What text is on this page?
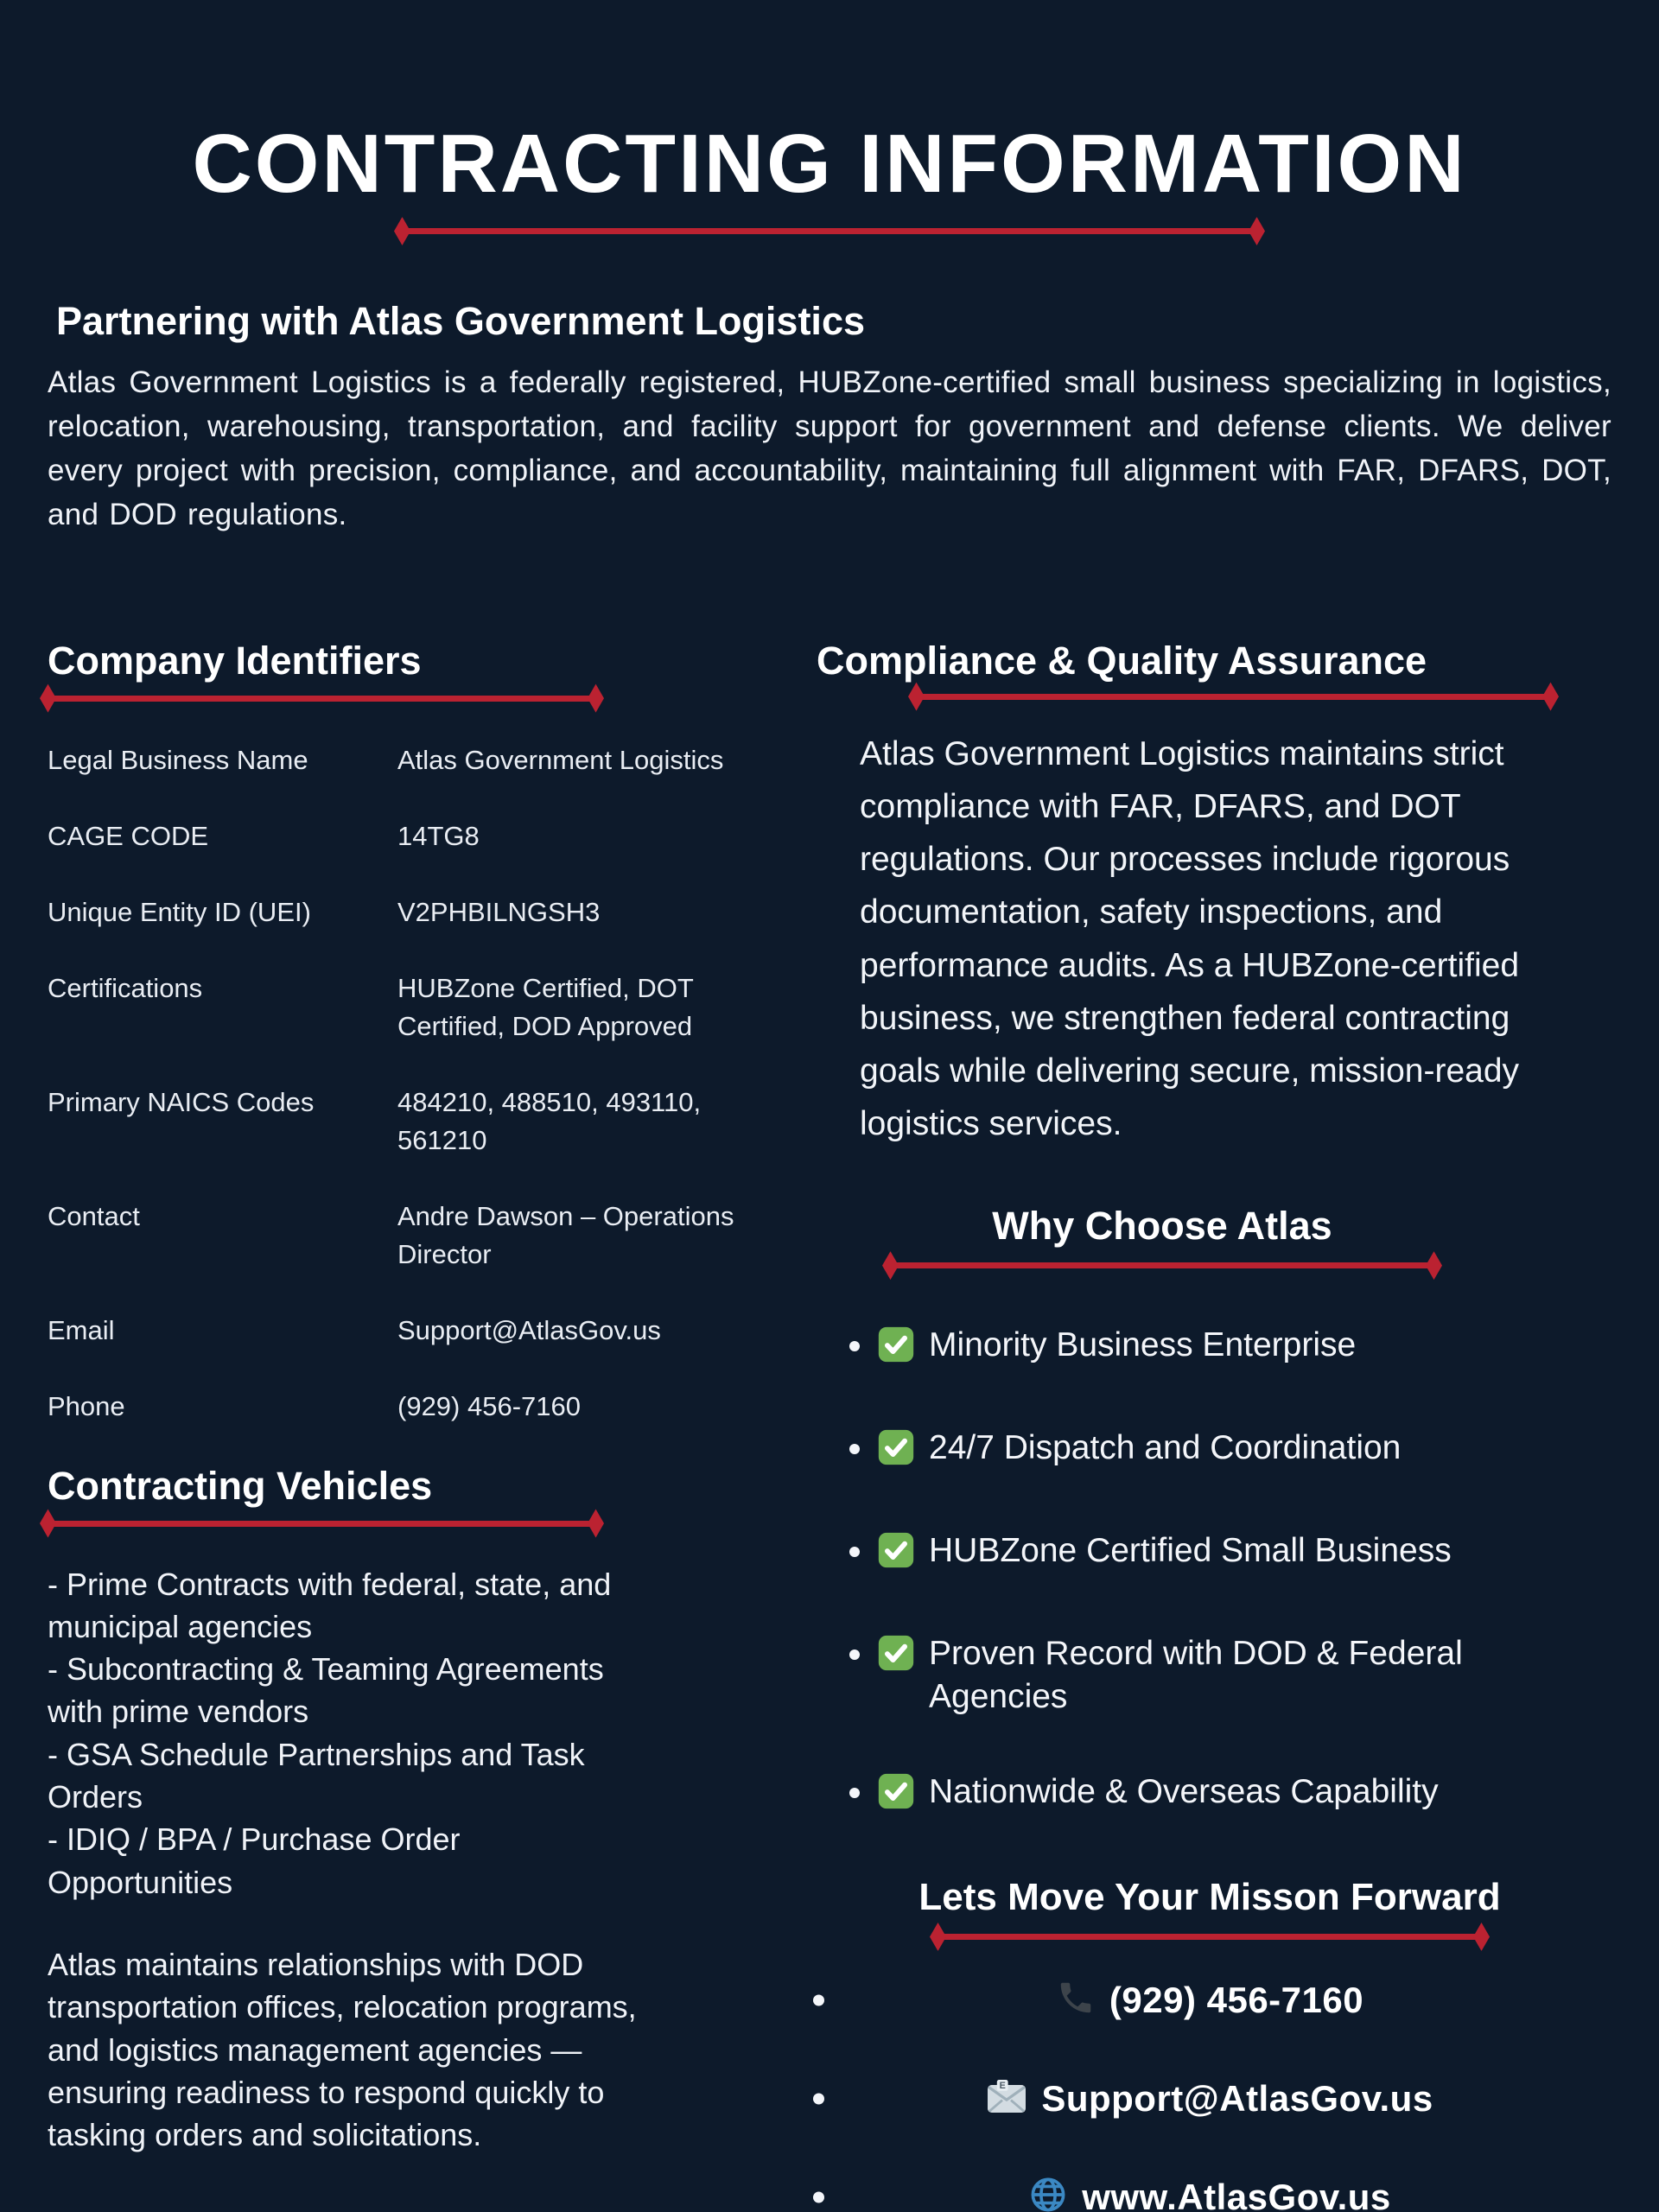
CONTRACTING INFORMATION
Partnering with Atlas Government Logistics

Atlas Government Logistics is a federally registered, HUBZone-certified small business specializing in logistics, relocation, warehousing, transportation, and facility support for government and defense clients. We deliver every project with precision, compliance, and accountability, maintaining full alignment with FAR, DFARS, DOT, and DOD regulations.

Company Identifiers
Legal Business Name	Atlas Government Logistics
CAGE CODE	14TG8
Unique Entity ID (UEI)	V2PHBILNGSH3
Certifications	HUBZone Certified, DOT Certified, DOD Approved
Primary NAICS Codes	484210, 488510, 493110, 561210
Contact	Andre Dawson – Operations Director
Email	Support@AtlasGov.us
Phone	(929) 456-7160
Contracting Vehicles
- Prime Contracts with federal, state, and municipal agencies
- Subcontracting & Teaming Agreements with prime vendors
- GSA Schedule Partnerships and Task Orders
- IDIQ / BPA / Purchase Order Opportunities

Atlas maintains relationships with DOD transportation offices, relocation programs, and logistics management agencies — ensuring readiness to respond quickly to tasking orders and solicitations.

Compliance & Quality Assurance

Atlas Government Logistics maintains strict compliance with FAR, DFARS, and DOT regulations. Our processes include rigorous documentation, safety inspections, and performance audits. As a HUBZone-certified business, we strengthen federal contracting goals while delivering secure, mission-ready logistics services.

Why Choose Atlas
Minority Business Enterprise
24/7 Dispatch and Coordination
HUBZone Certified Small Business
Proven Record with DOD & Federal Agencies
Nationwide & Overseas Capability
Lets Move Your Misson Forward
(929) 456-7160
E Support@AtlasGov.us
www.AtlasGov.us
